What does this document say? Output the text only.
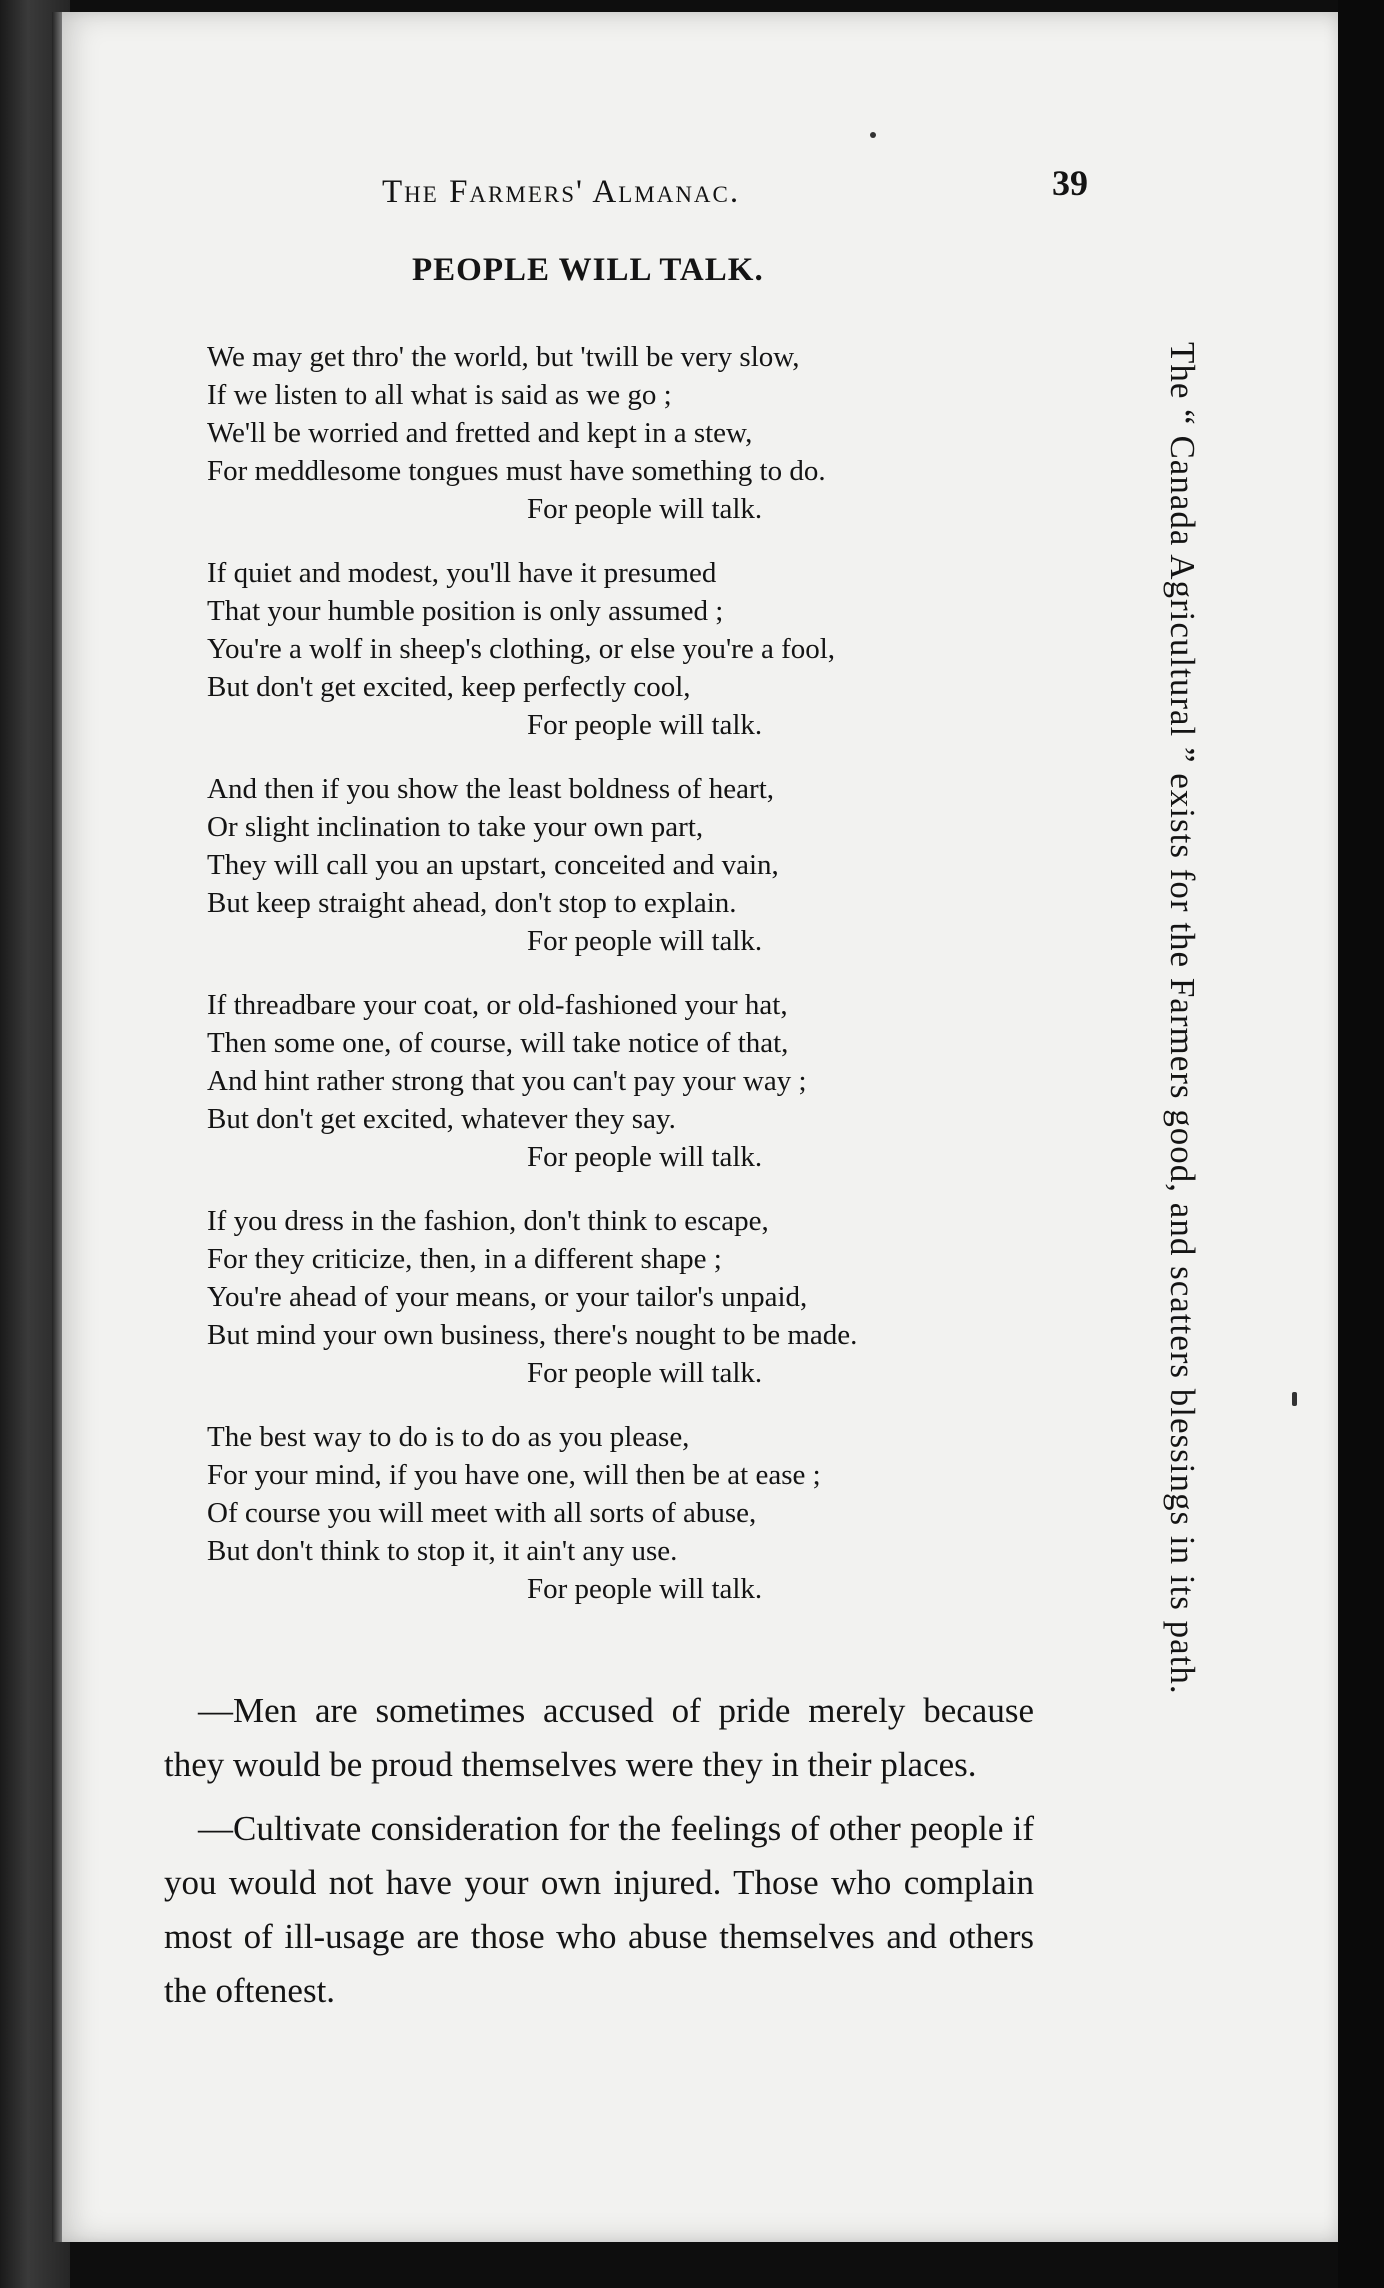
The Farmers' Almanac.	39
PEOPLE WILL TALK.
We may get thro' the world, but 'twill be very slow,
If we listen to all what is said as we go ;
We'll be worried and fretted and kept in a stew,
For meddlesome tongues must have something to do.
For people will talk.
If quiet and modest, you'll have it presumed
That your humble position is only assumed ;
You're a wolf in sheep's clothing, or else you're a fool,
But don't get excited, keep perfectly cool,
For people will talk.
And then if you show the least boldness of heart,
Or slight inclination to take your own part,
They will call you an upstart, conceited and vain,
But keep straight ahead, don't stop to explain.
For people will talk.
If threadbare your coat, or old-fashioned your hat,
Then some one, of course, will take notice of that,
And hint rather strong that you can't pay your way ;
But don't get excited, whatever they say.
For people will talk.
If you dress in the fashion, don't think to escape,
For they criticize, then, in a different shape ;
You're ahead of your means, or your tailor's unpaid,
But mind your own business, there's nought to be made.
For people will talk.
The best way to do is to do as you please,
For your mind, if you have one, will then be at ease ;
Of course you will meet with all sorts of abuse,
But don't think to stop it, it ain't any use.
For people will talk.

—Men are sometimes accused of pride merely because they would be proud themselves were they in their places.

—Cultivate consideration for the feelings of other people if you would not have your own injured. Those who complain most of ill-usage are those who abuse themselves and others the oftenest.

The “ Canada Agricultural ” exists for the Farmers good, and scatters blessings in its path.
